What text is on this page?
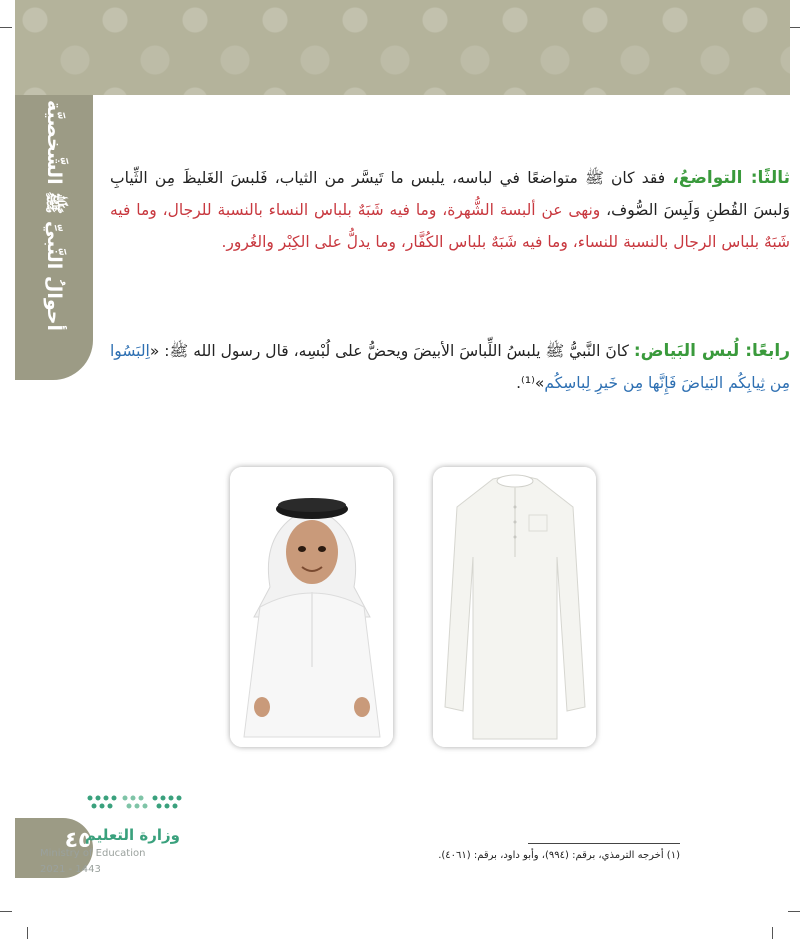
أحوالُ النَّبيِّ ﷺ الشَّخصيَّة	ثالثًا: التواضعُ، فقد كان ﷺ متواضعًا في لباسه، يلبس ما تَيسَّر من الثياب، فَلبسَ الغَليظَ مِن الثِّيابِ وَلبسَ القُطنِ وَلَبِسَ الصُّوف، ونهى عن ألبسة الشُّهرة، وما فيه شَبَهٌ بلباس النساء بالنسبة للرجال، وما فيه شَبَهٌ بلباس الرجال بالنسبة للنساء، وما فيه شَبَهٌ بلباس الكُفَّار، وما يدلُّ على الكِبْر والغُرور.
رابعًا: لُبس البَياض: كانَ النَّبيُّ ﷺ يلبسُ اللِّباسَ الأبيضَ ويحضُّ على لُبْسِه، قال رسول الله ﷺ: «اِلبَسُوا مِن ثِيابِكُم البَياضَ فَإِنَّها مِن خَيرِ لِباسِكُم»⁽¹⁾.
(١) أخرجه الترمذي، برقم: (٩٩٤)، وأبو داود، برقم: (٤٠٦١).
٤٥
وزارة التعليم
Ministry of Education
2021 - 1443
